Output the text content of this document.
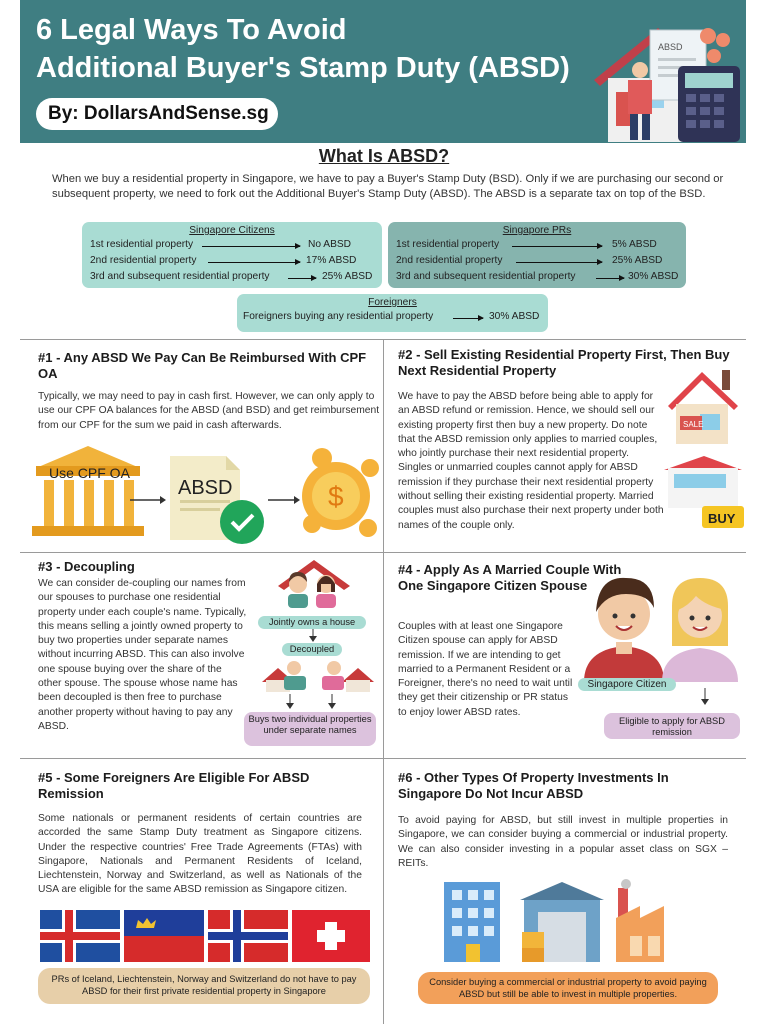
6 Legal Ways To Avoid
Additional Buyer's Stamp Duty (ABSD)
By: DollarsAndSense.sg
ABSD
What Is ABSD?
When we buy a residential property in Singapore, we have to pay a Buyer's Stamp Duty (BSD). Only if we are purchasing our second or subsequent property, we need to fork out the Additional Buyer's Stamp Duty (ABSD). The ABSD is a separate tax on top of the BSD.
Singapore Citizens
1st residential property	No ABSD
2nd residential property	17% ABSD
3rd and subsequent residential property	25% ABSD
Singapore PRs
1st residential property	5% ABSD
2nd residential property	25% ABSD
3rd and subsequent residential property	30% ABSD
Foreigners
Foreigners buying any residential property	30% ABSD
#1 - Any ABSD We Pay Can Be Reimbursed With CPF OA
Typically, we may need to pay in cash first. However, we can only apply to use our CPF OA balances for the ABSD (and BSD) and get reimbursement from our CPF for the sum we paid in cash afterwards.
Use CPF OA
ABSD	$
#2 - Sell Existing Residential Property First, Then Buy Next Residential Property
We have to pay the ABSD before being able to apply for an ABSD refund or remission. Hence, we should sell our existing property first then buy a new property. Do note that the ABSD remission only applies to married couples, who jointly purchase their next residential property. Singles or unmarried couples cannot apply for ABSD remission if they purchase their next residential property without selling their existing residential property. Married couples must also purchase their next property under both names of the couple only.
SALE
BUY
#3 - Decoupling
We can consider de-coupling our names from our spouses to purchase one residential property under each couple's name. Typically, this means selling a jointly owned property to buy two properties under separate names without incurring ABSD. This can also involve one spouse buying over the share of the other spouse. The spouse whose name has been decoupled is then free to purchase another property without having to pay any ABSD.
Jointly owns a house
Decoupled
Buys two individual properties under separate names
#4 - Apply As A Married Couple With One Singapore Citizen Spouse
Couples with at least one Singapore Citizen spouse can apply for ABSD remission. If we are intending to get married to a Permanent Resident or a Foreigner, there's no need to wait until they get their citizenship or PR status to enjoy lower ABSD rates.
Singapore Citizen
Eligible to apply for ABSD remission
#5 - Some Foreigners Are Eligible For ABSD Remission
Some nationals or permanent residents of certain countries are accorded the same Stamp Duty treatment as Singapore citizens. Under the respective countries' Free Trade Agreements (FTAs) with Singapore, Nationals and Permanent Residents of Iceland, Liechtenstein, Norway and Switzerland, as well as Nationals of the USA are eligible for the same ABSD remission as Singapore citizen.
PRs of Iceland, Liechtenstein, Norway and Switzerland do not have to pay ABSD for their first private residential property in Singapore
#6 - Other Types Of Property Investments In Singapore Do Not Incur ABSD
To avoid paying for ABSD, but still invest in multiple properties in Singapore, we can consider buying a commercial or industrial property. We can also consider investing in a popular asset class on SGX – REITs.
Consider buying a commercial or industrial property to avoid paying ABSD but still be able to invest in multiple properties.
